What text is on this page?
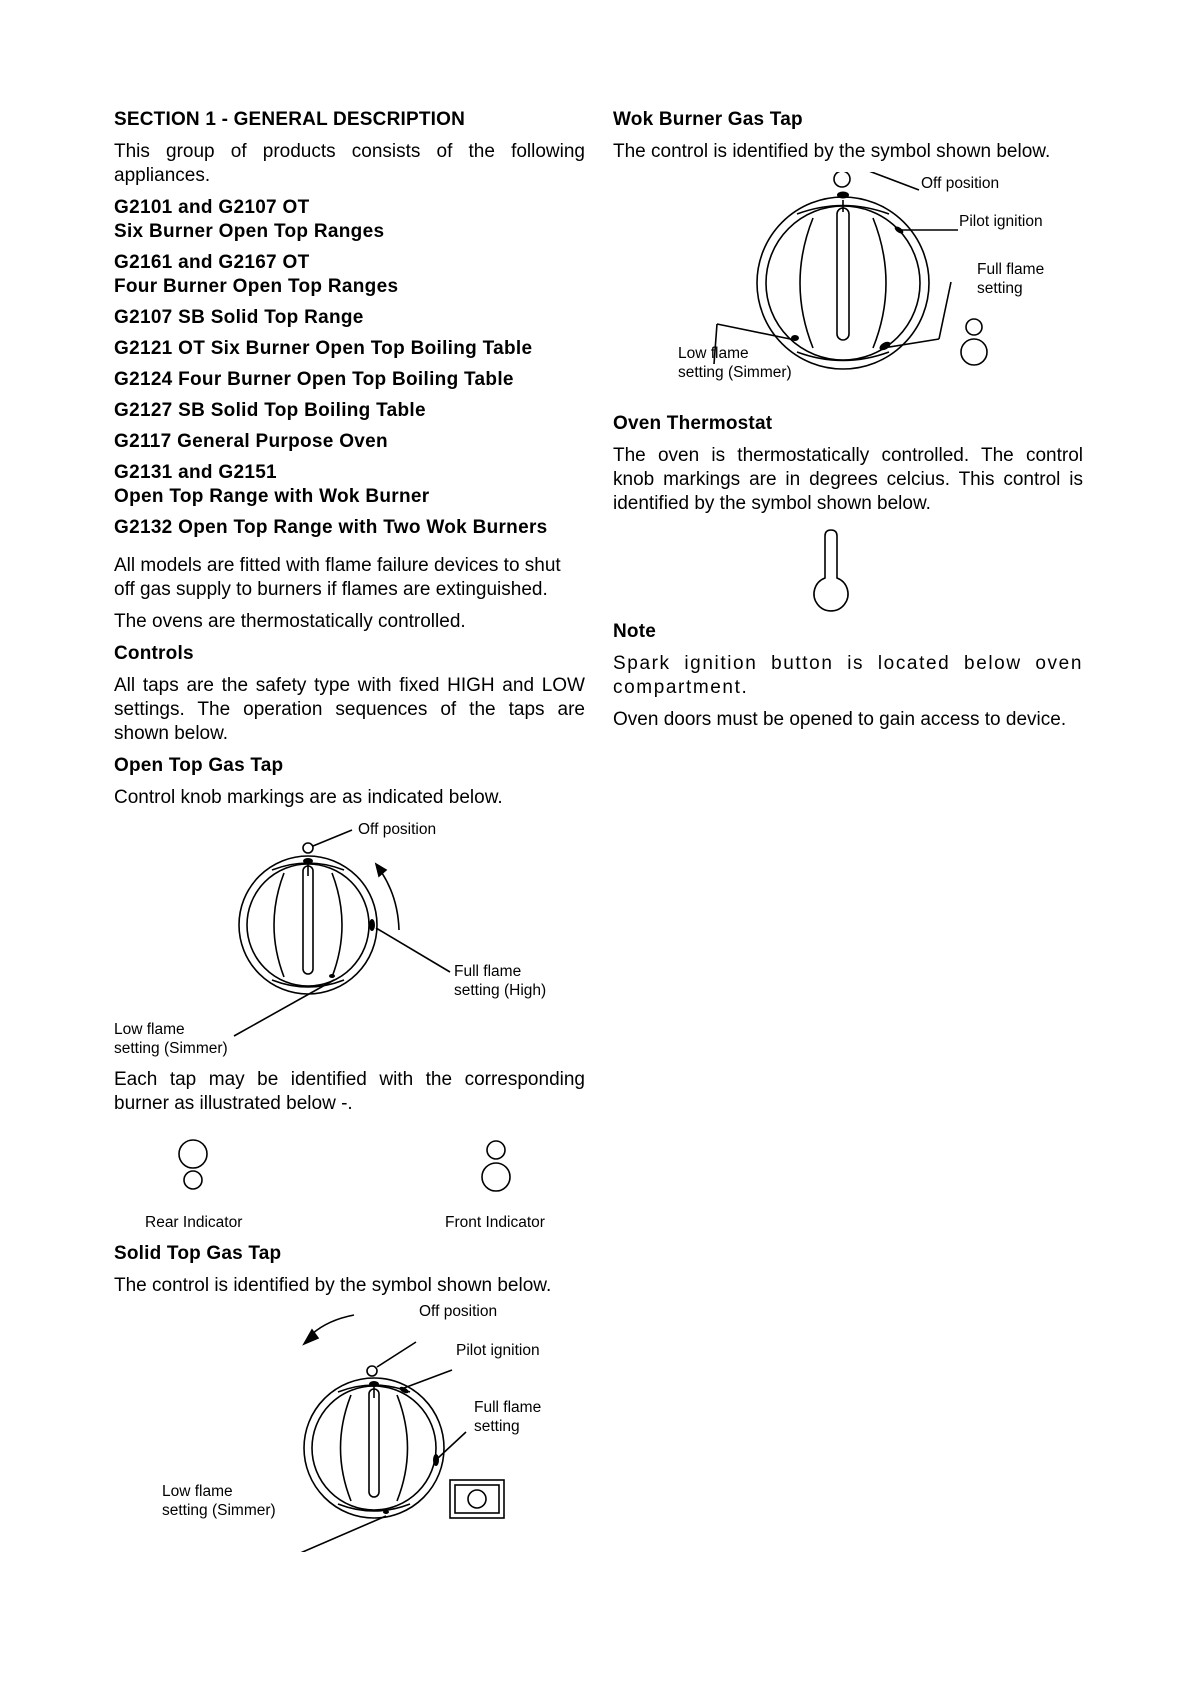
SECTION 1 - GENERAL DESCRIPTION

This group of products consists of the following appliances.

G2101 and G2107 OT
Six Burner Open Top Ranges
G2161 and G2167 OT
Four Burner Open Top Ranges
G2107 SB Solid Top Range
G2121 OT Six Burner Open Top Boiling Table
G2124 Four Burner Open Top Boiling Table
G2127 SB Solid Top Boiling Table
G2117 General Purpose Oven
G2131 and G2151
Open Top Range with Wok Burner
G2132 Open Top Range with Two Wok Burners

All models are fitted with flame failure devices to shut off gas supply to burners if flames are extinguished.

The ovens are thermostatically controlled.

Controls

All taps are the safety type with fixed HIGH and LOW settings. The operation sequences of the taps are shown below.

Open Top Gas Tap

Control knob markings are as indicated below.

Off position
Full flame
setting (High)
Low flame
setting (Simmer)

Each tap may be identified with the corresponding burner as illustrated below -.

Rear Indicator	Front Indicator
Solid Top Gas Tap

The control is identified by the symbol shown below.

Off position
Pilot ignition
Full flame
setting
Low flame
setting (Simmer)
Wok Burner Gas Tap

The control is identified by the symbol shown below.

Off position
Pilot ignition
Full flame
setting
Low flame
setting (Simmer)
Oven Thermostat

The oven is thermostatically controlled. The control knob markings are in degrees celcius. This control is identified by the symbol shown below.

Note

Spark ignition button is located below oven compartment.

Oven doors must be opened to gain access to device.
